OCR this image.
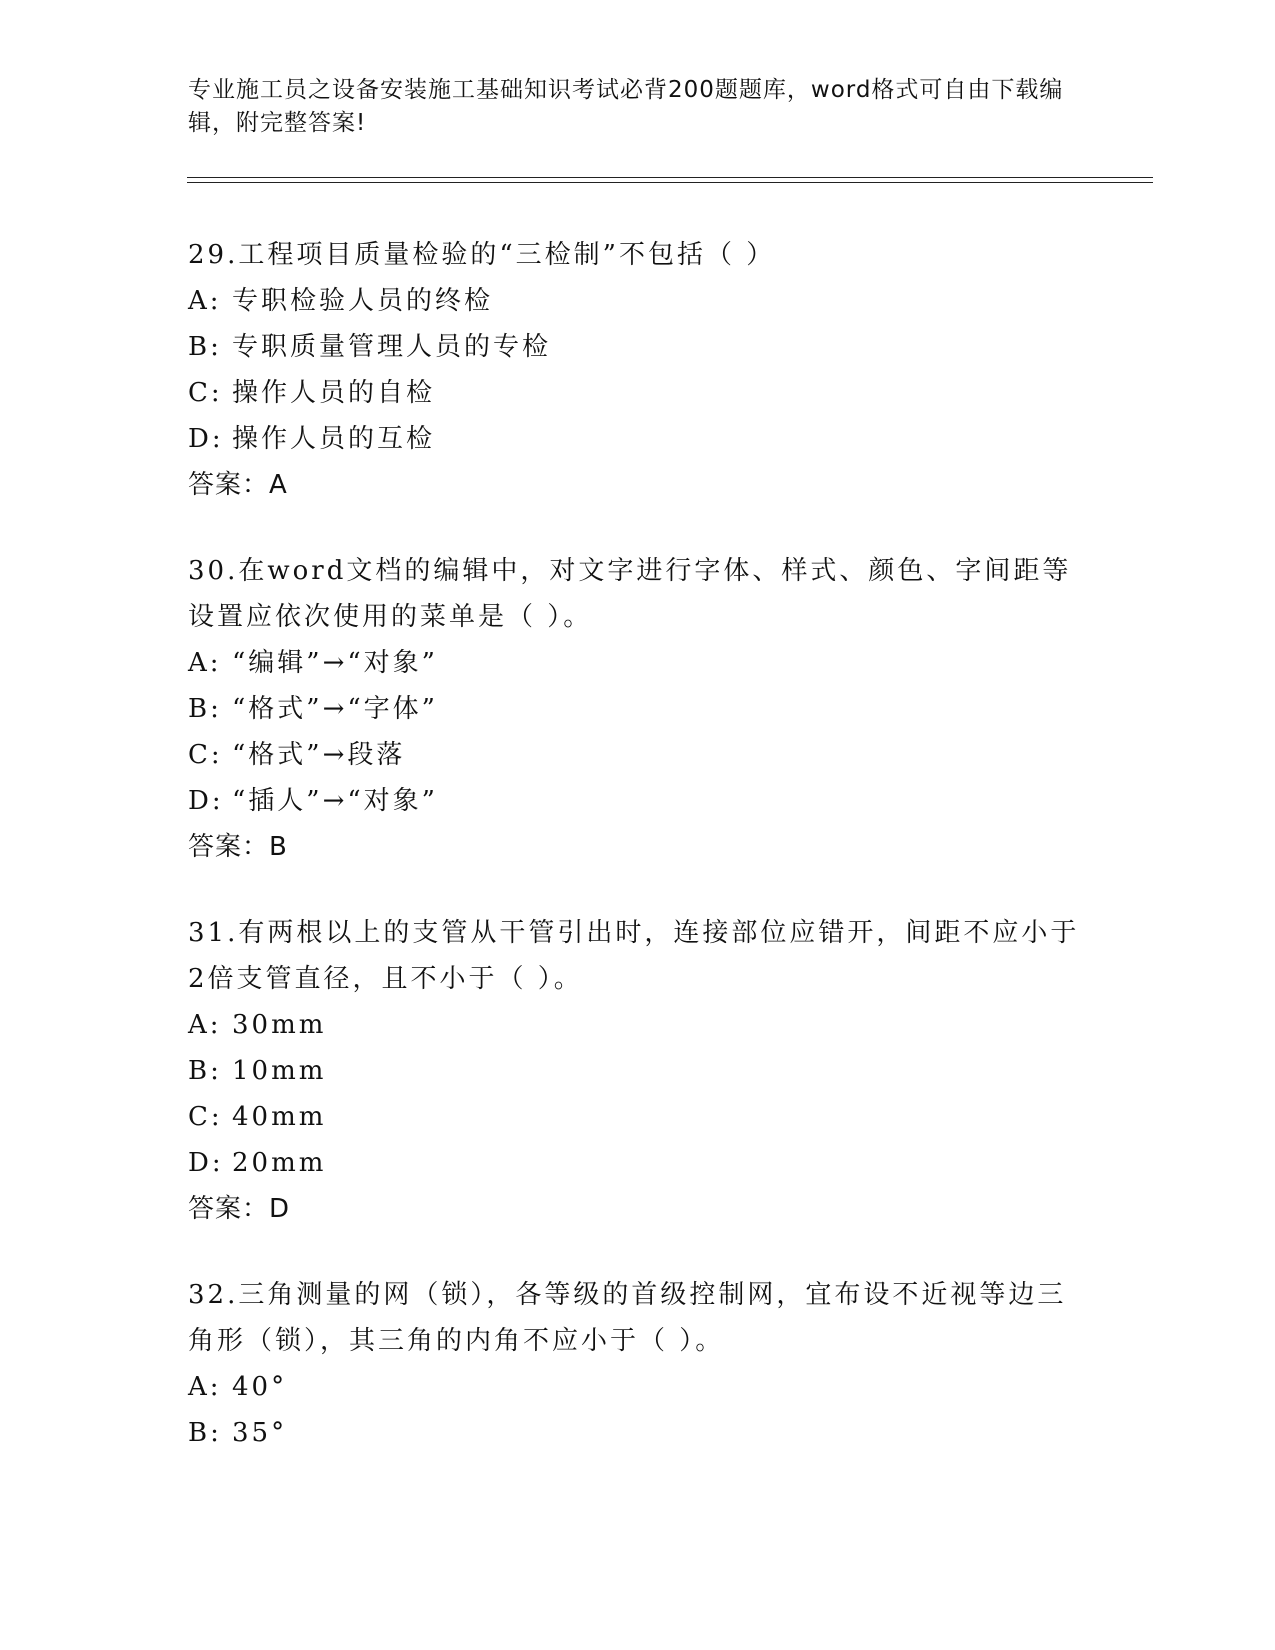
专业施工员之设备安装施工基础知识考试必背200题题库，word格式可自由下载编辑，附完整答案!
29.工程项目质量检验的“三检制”不包括（ ）
A: 专职检验人员的终检
B: 专职质量管理人员的专检
C: 操作人员的自检
D: 操作人员的互检
答案：A
30.在word文档的编辑中，对文字进行字体、样式、颜色、字间距等设置应依次使用的菜单是（ ）。
A: “编辑”→“对象”
B: “格式”→“字体”
C: “格式”→段落
D: “插人”→“对象”
答案：B
31.有两根以上的支管从干管引出时，连接部位应错开，间距不应小于2倍支管直径，且不小于（ ）。
A: 30mm
B: 10mm
C: 40mm
D: 20mm
答案：D
32.三角测量的网（锁），各等级的首级控制网，宜布设不近视等边三角形（锁），其三角的内角不应小于（ ）。
A: 40°
B: 35°
